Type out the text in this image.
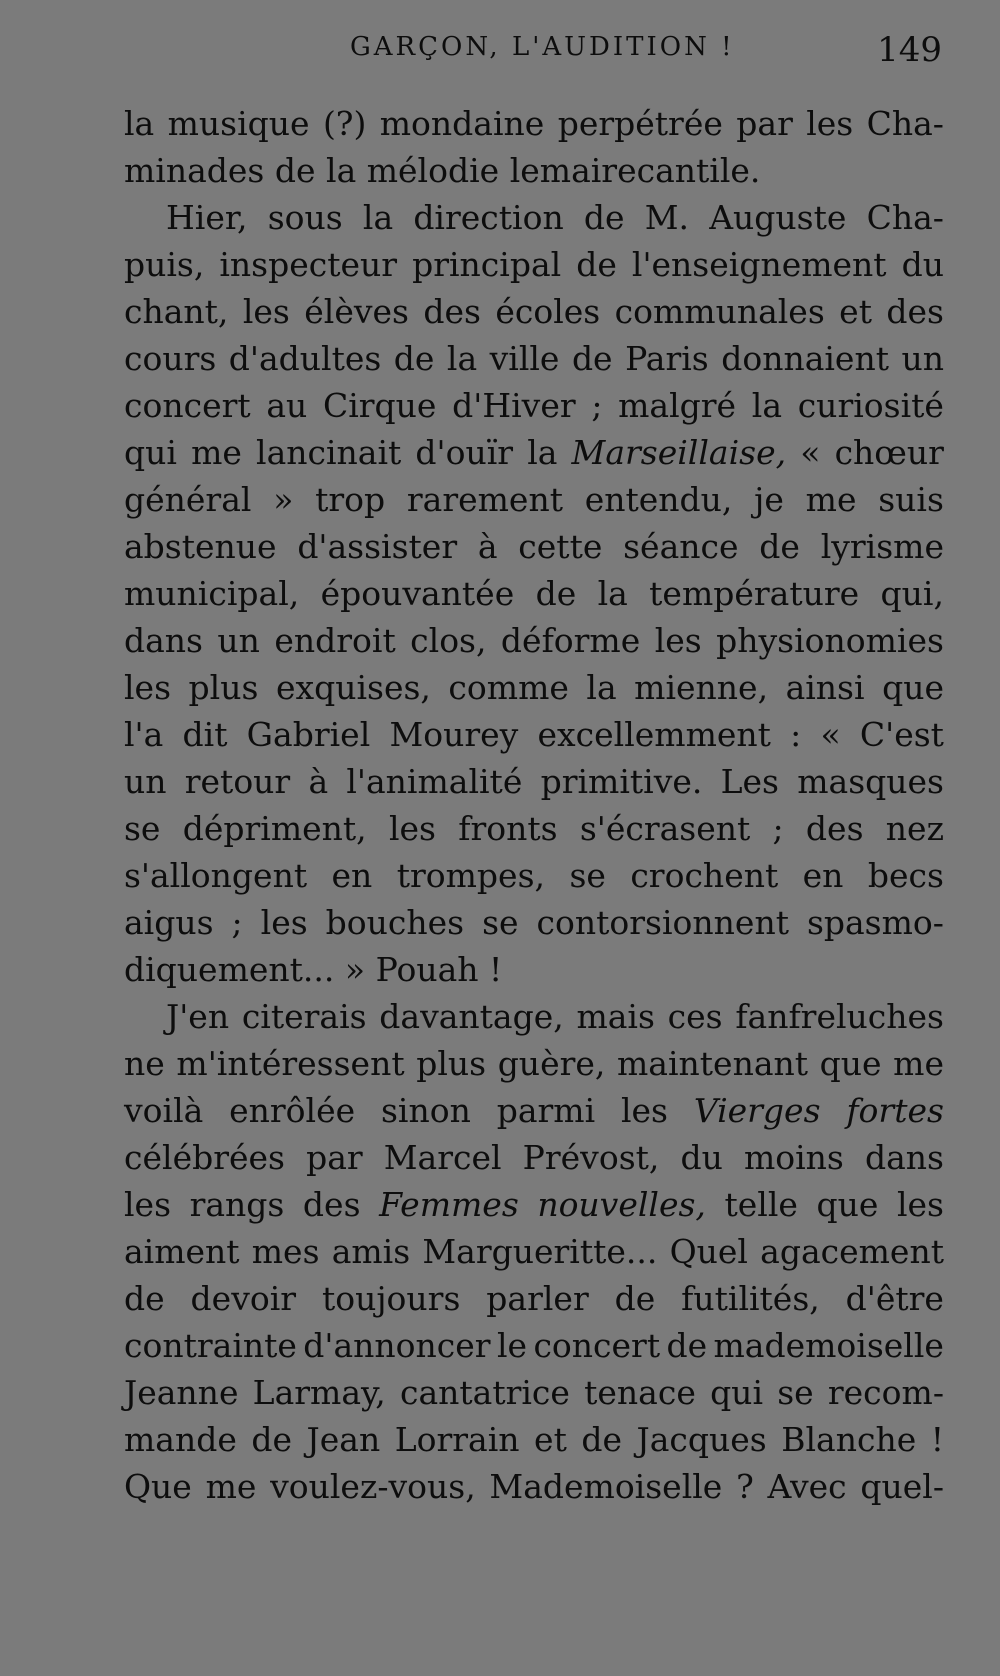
GARÇON, L'AUDITION !	149
la musique (?) mondaine perpétrée par les Cha-
minades de la mélodie lemairecantile.
Hier, sous la direction de M. Auguste Cha-
puis, inspecteur principal de l'enseignement du
chant, les élèves des écoles communales et des
cours d'adultes de la ville de Paris donnaient un
concert au Cirque d'Hiver ; malgré la curiosité
qui me lancinait d'ouïr la Marseillaise, « chœur
général » trop rarement entendu, je me suis
abstenue d'assister à cette séance de lyrisme
municipal, épouvantée de la température qui,
dans un endroit clos, déforme les physionomies
les plus exquises, comme la mienne, ainsi que
l'a dit Gabriel Mourey excellemment : « C'est
un retour à l'animalité primitive. Les masques
se dépriment, les fronts s'écrasent ; des nez
s'allongent en trompes, se crochent en becs
aigus ; les bouches se contorsionnent spasmo-
diquement... » Pouah !
J'en citerais davantage, mais ces fanfreluches
ne m'intéressent plus guère, maintenant que me
voilà enrôlée sinon parmi les Vierges fortes
célébrées par Marcel Prévost, du moins dans
les rangs des Femmes nouvelles, telle que les
aiment mes amis Margueritte... Quel agacement
de devoir toujours parler de futilités, d'être
contrainte d'annoncer le concert de mademoiselle
Jeanne Larmay, cantatrice tenace qui se recom-
mande de Jean Lorrain et de Jacques Blanche !
Que me voulez-vous, Mademoiselle ? Avec quel-
